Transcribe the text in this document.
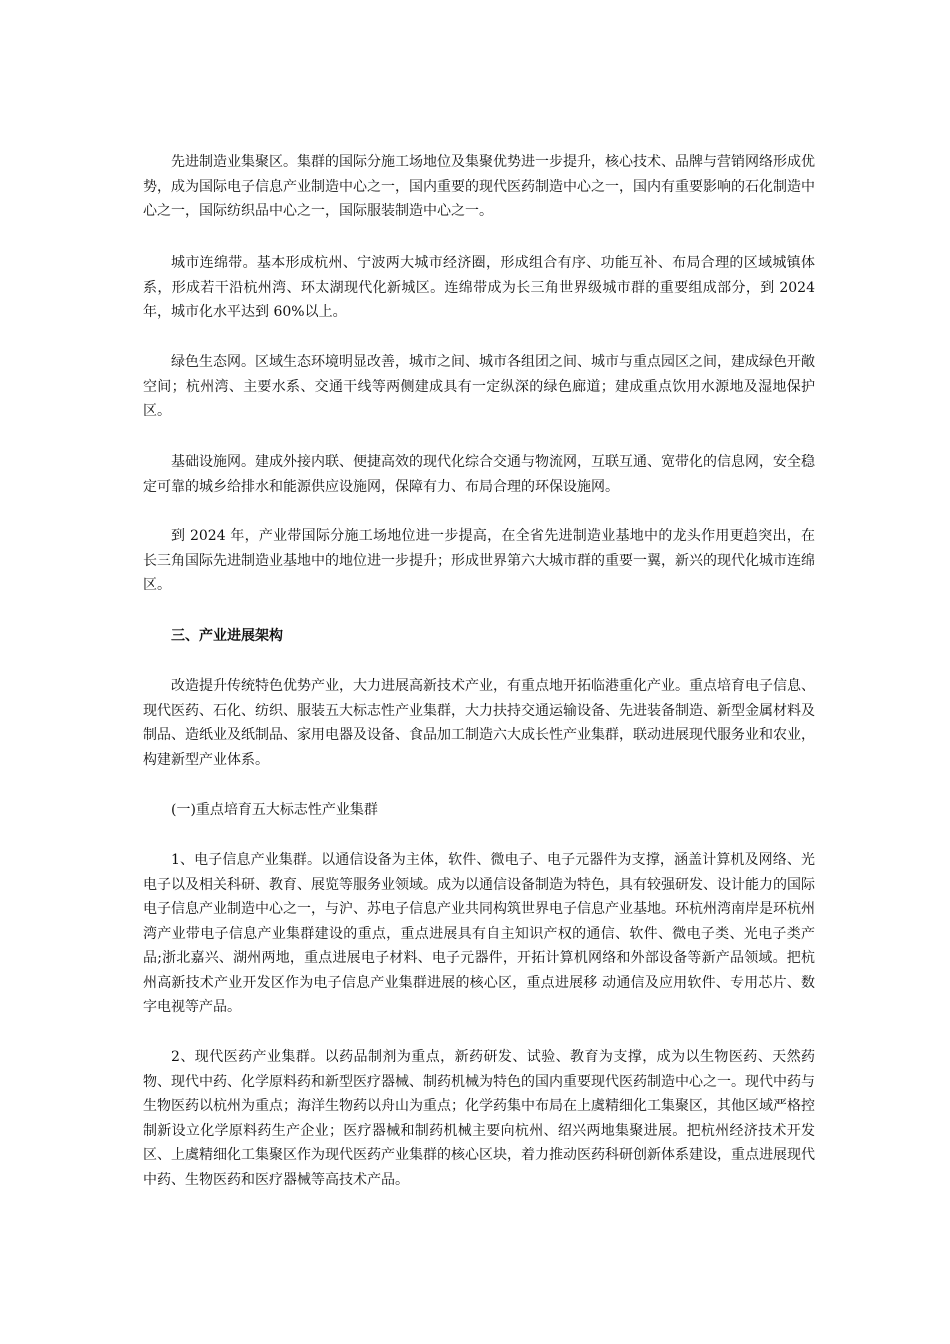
先进制造业集聚区。集群的国际分施工场地位及集聚优势进一步提升，核心技术、品牌与营销网络形成优势，成为国际电子信息产业制造中心之一，国内重要的现代医药制造中心之一，国内有重要影响的石化制造中心之一，国际纺织品中心之一，国际服装制造中心之一。

城市连绵带。基本形成杭州、宁波两大城市经济圈，形成组合有序、功能互补、布局合理的区域城镇体系，形成若干沿杭州湾、环太湖现代化新城区。连绵带成为长三角世界级城市群的重要组成部分，到 2024 年，城市化水平达到 60%以上。

绿色生态网。区域生态环境明显改善，城市之间、城市各组团之间、城市与重点园区之间，建成绿色开敞空间；杭州湾、主要水系、交通干线等两侧建成具有一定纵深的绿色廊道；建成重点饮用水源地及湿地保护区。

基础设施网。建成外接内联、便捷高效的现代化综合交通与物流网，互联互通、宽带化的信息网，安全稳定可靠的城乡给排水和能源供应设施网，保障有力、布局合理的环保设施网。

到 2024 年，产业带国际分施工场地位进一步提高，在全省先进制造业基地中的龙头作用更趋突出，在长三角国际先进制造业基地中的地位进一步提升；形成世界第六大城市群的重要一翼，新兴的现代化城市连绵区。

三、产业进展架构

改造提升传统特色优势产业，大力进展高新技术产业，有重点地开拓临港重化产业。重点培育电子信息、现代医药、石化、纺织、服装五大标志性产业集群，大力扶持交通运输设备、先进装备制造、新型金属材料及制品、造纸业及纸制品、家用电器及设备、食品加工制造六大成长性产业集群，联动进展现代服务业和农业，构建新型产业体系。

(一)重点培育五大标志性产业集群

1、电子信息产业集群。以通信设备为主体，软件、微电子、电子元器件为支撑，涵盖计算机及网络、光电子以及相关科研、教育、展览等服务业领域。成为以通信设备制造为特色，具有较强研发、设计能力的国际电子信息产业制造中心之一，与沪、苏电子信息产业共同构筑世界电子信息产业基地。环杭州湾南岸是环杭州湾产业带电子信息产业集群建设的重点，重点进展具有自主知识产权的通信、软件、微电子类、光电子类产品;浙北嘉兴、湖州两地，重点进展电子材料、电子元器件，开拓计算机网络和外部设备等新产品领域。把杭州高新技术产业开发区作为电子信息产业集群进展的核心区，重点进展移 动通信及应用软件、专用芯片、数字电视等产品。

2、现代医药产业集群。以药品制剂为重点，新药研发、试验、教育为支撑，成为以生物医药、天然药物、现代中药、化学原料药和新型医疗器械、制药机械为特色的国内重要现代医药制造中心之一。现代中药与生物医药以杭州为重点；海洋生物药以舟山为重点；化学药集中布局在上虞精细化工集聚区，其他区域严格控制新设立化学原料药生产企业；医疗器械和制药机械主要向杭州、绍兴两地集聚进展。把杭州经济技术开发区、上虞精细化工集聚区作为现代医药产业集群的核心区块，着力推动医药科研创新体系建设，重点进展现代中药、生物医药和医疗器械等高技术产品。
